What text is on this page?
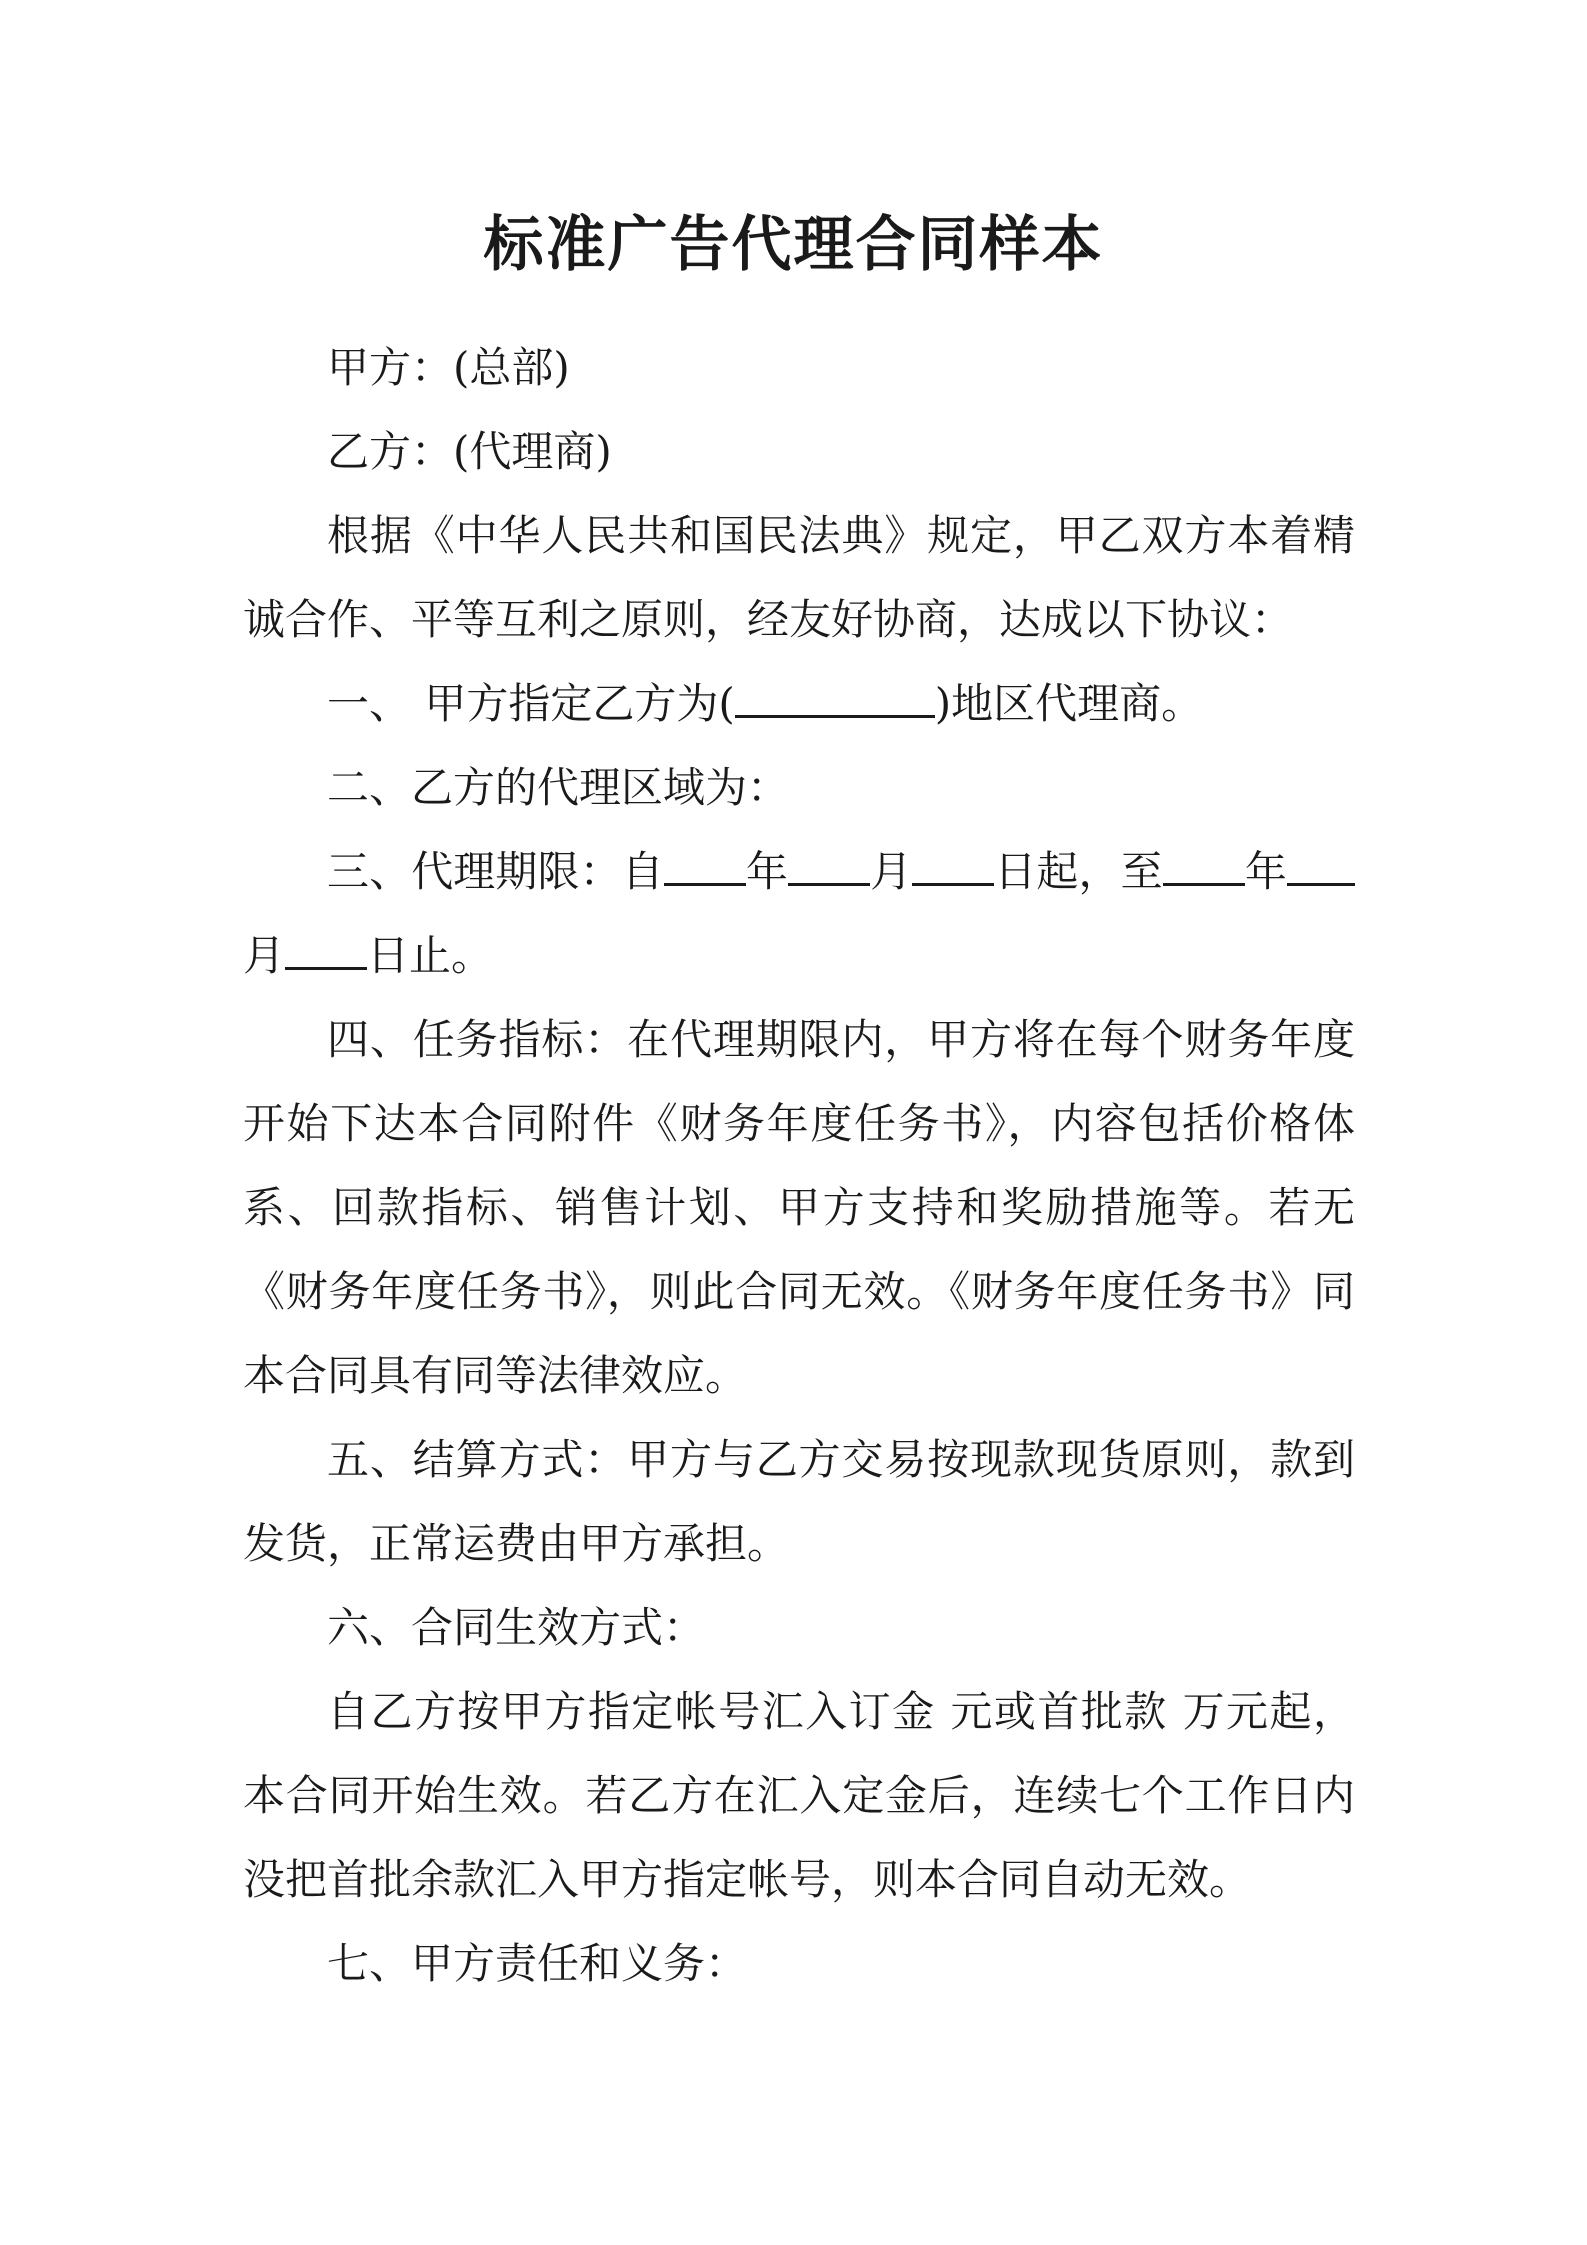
标准广告代理合同样本

甲方：(总部)

乙方：(代理商)

根据《中华人民共和国民法典》规定，甲乙双方本着精诚合作、平等互利之原则，经友好协商，达成以下协议：

一、 甲方指定乙方为(	)地区代理商。

二、乙方的代理区域为：

三、代理期限：自 年 月 日起，至 年月 日止。

四、任务指标：在代理期限内，甲方将在每个财务年度开始下达本合同附件《财务年度任务书》，内容包括价格体系、回款指标、销售计划、甲方支持和奖励措施等。若无《财务年度任务书》，则此合同无效。《财务年度任务书》同本合同具有同等法律效应。

五、结算方式：甲方与乙方交易按现款现货原则，款到发货，正常运费由甲方承担。

六、合同生效方式：

自乙方按甲方指定帐号汇入订金 元或首批款 万元起，本合同开始生效。若乙方在汇入定金后，连续七个工作日内没把首批余款汇入甲方指定帐号，则本合同自动无效。

七、甲方责任和义务：
